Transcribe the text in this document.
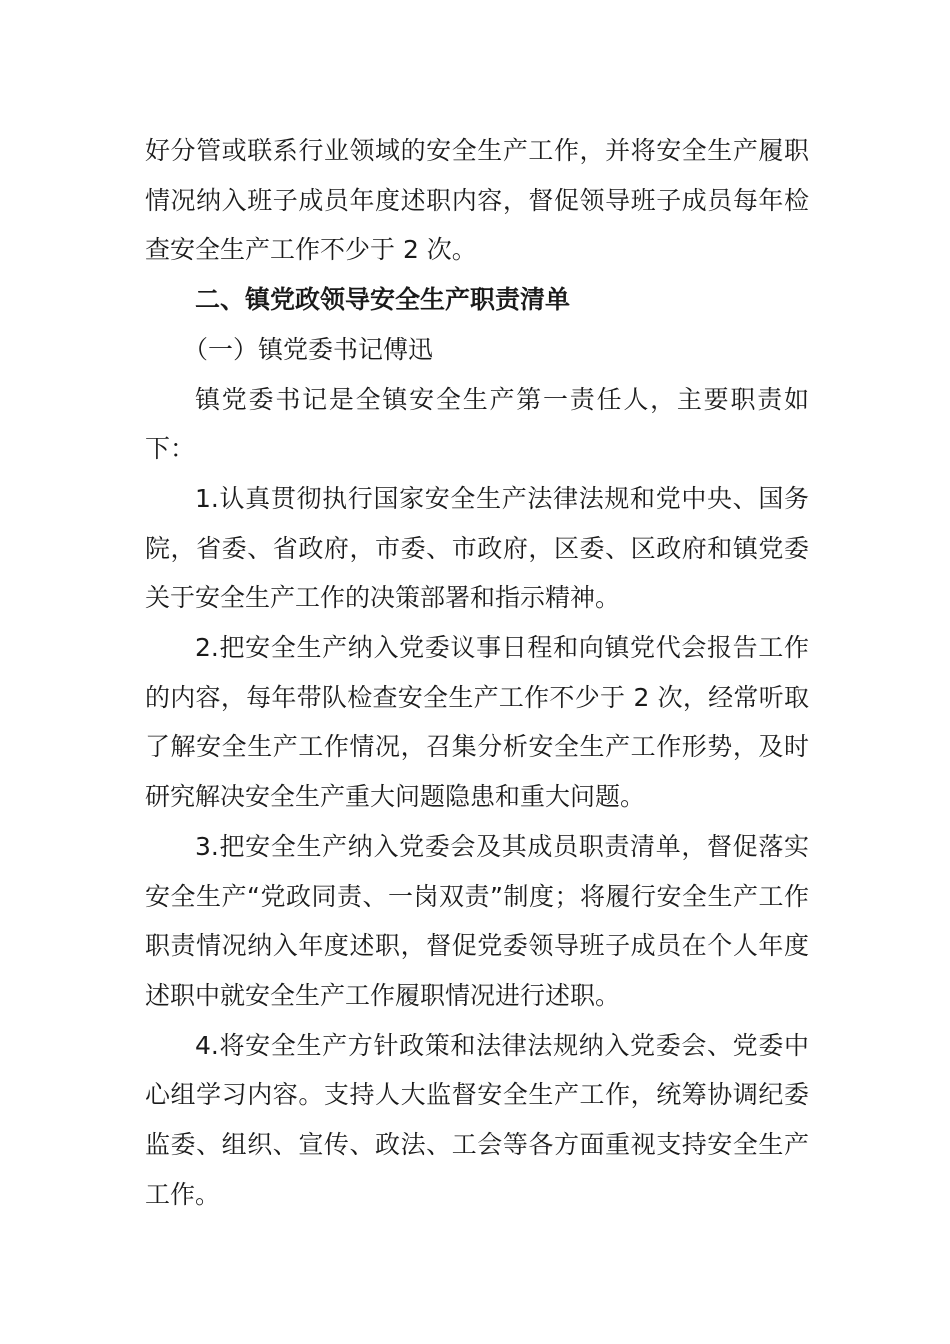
好分管或联系行业领域的安全生产工作，并将安全生产履职情况纳入班子成员年度述职内容，督促领导班子成员每年检查安全生产工作不少于 2 次。

二、镇党政领导安全生产职责清单

（一）镇党委书记傅迅

镇党委书记是全镇安全生产第一责任人，主要职责如下：

1.认真贯彻执行国家安全生产法律法规和党中央、国务院，省委、省政府，市委、市政府，区委、区政府和镇党委关于安全生产工作的决策部署和指示精神。

2.把安全生产纳入党委议事日程和向镇党代会报告工作的内容，每年带队检查安全生产工作不少于 2 次，经常听取了解安全生产工作情况，召集分析安全生产工作形势，及时研究解决安全生产重大问题隐患和重大问题。

3.把安全生产纳入党委会及其成员职责清单，督促落实安全生产“党政同责、一岗双责”制度；将履行安全生产工作职责情况纳入年度述职，督促党委领导班子成员在个人年度述职中就安全生产工作履职情况进行述职。

4.将安全生产方针政策和法律法规纳入党委会、党委中心组学习内容。支持人大监督安全生产工作，统筹协调纪委监委、组织、宣传、政法、工会等各方面重视支持安全生产工作。
